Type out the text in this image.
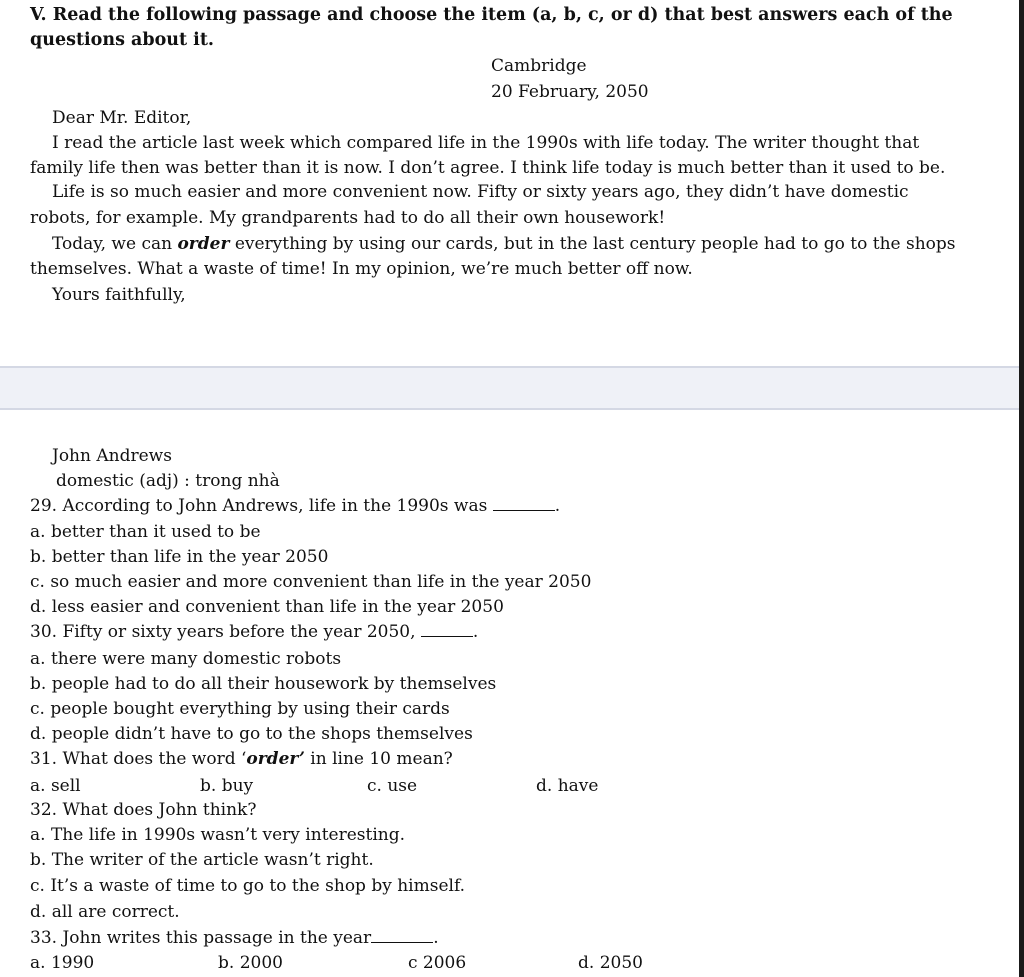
V. Read the following passage and choose the item (a, b, c, or d) that best answers each of the
questions about it.
Cambridge
20 February, 2050
Dear Mr. Editor,
I read the article last week which compared life in the 1990s with life today. The writer thought that
family life then was better than it is now. I don’t agree. I think life today is much better than it used to be.
Life is so much easier and more convenient now. Fifty or sixty years ago, they didn’t have domestic
robots, for example. My grandparents had to do all their own housework!
Today, we can order everything by using our cards, but in the last century people had to go to the shops
themselves. What a waste of time! In my opinion, we’re much better off now.
Yours faithfully,
John Andrews
domestic (adj) : trong nhà
29. According to John Andrews, life in the 1990s was	.
a. better than it used to be
b. better than life in the year 2050
c. so much easier and more convenient than life in the year 2050
d. less easier and convenient than life in the year 2050
30. Fifty or sixty years before the year 2050,	.
a. there were many domestic robots
b. people had to do all their housework by themselves
c. people bought everything by using their cards
d. people didn’t have to go to the shops themselves
31. What does the word ‘order’ in line 10 mean?
a. sell	b. buy	c. use	d. have
32. What does John think?
a. The life in 1990s wasn’t very interesting.
b. The writer of the article wasn’t right.
c. It’s a waste of time to go to the shop by himself.
d. all are correct.
33. John writes this passage in the year	.
a. 1990	b. 2000	c 2006	d. 2050
